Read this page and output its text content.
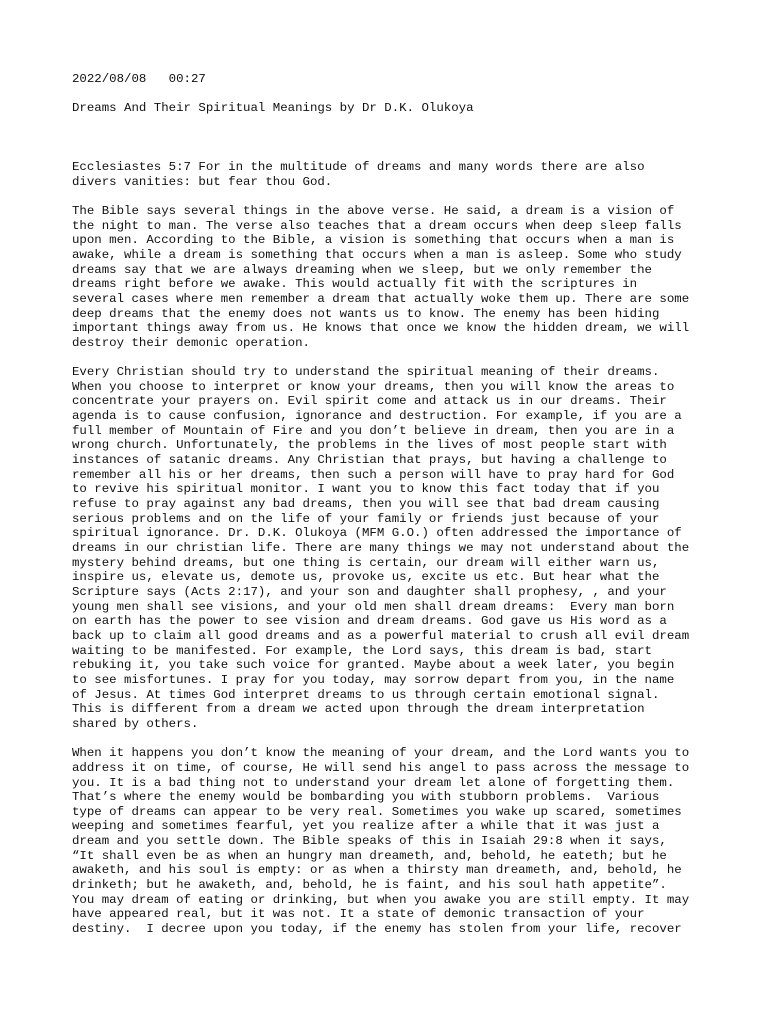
2022/08/08   00:27
Dreams And Their Spiritual Meanings by Dr D.K. Olukoya
Ecclesiastes 5:7 For in the multitude of dreams and many words there are also
divers vanities: but fear thou God.
The Bible says several things in the above verse. He said, a dream is a vision of
the night to man. The verse also teaches that a dream occurs when deep sleep falls
upon men. According to the Bible, a vision is something that occurs when a man is
awake, while a dream is something that occurs when a man is asleep. Some who study
dreams say that we are always dreaming when we sleep, but we only remember the
dreams right before we awake. This would actually fit with the scriptures in
several cases where men remember a dream that actually woke them up. There are some
deep dreams that the enemy does not wants us to know. The enemy has been hiding
important things away from us. He knows that once we know the hidden dream, we will
destroy their demonic operation.
Every Christian should try to understand the spiritual meaning of their dreams.
When you choose to interpret or know your dreams, then you will know the areas to
concentrate your prayers on. Evil spirit come and attack us in our dreams. Their
agenda is to cause confusion, ignorance and destruction. For example, if you are a
full member of Mountain of Fire and you don’t believe in dream, then you are in a
wrong church. Unfortunately, the problems in the lives of most people start with
instances of satanic dreams. Any Christian that prays, but having a challenge to
remember all his or her dreams, then such a person will have to pray hard for God
to revive his spiritual monitor. I want you to know this fact today that if you
refuse to pray against any bad dreams, then you will see that bad dream causing
serious problems and on the life of your family or friends just because of your
spiritual ignorance. Dr. D.K. Olukoya (MFM G.O.) often addressed the importance of
dreams in our christian life. There are many things we may not understand about the
mystery behind dreams, but one thing is certain, our dream will either warn us,
inspire us, elevate us, demote us, provoke us, excite us etc. But hear what the
Scripture says (Acts 2:17), and your son and daughter shall prophesy, , and your
young men shall see visions, and your old men shall dream dreams:  Every man born
on earth has the power to see vision and dream dreams. God gave us His word as a
back up to claim all good dreams and as a powerful material to crush all evil dream
waiting to be manifested. For example, the Lord says, this dream is bad, start
rebuking it, you take such voice for granted. Maybe about a week later, you begin
to see misfortunes. I pray for you today, may sorrow depart from you, in the name
of Jesus. At times God interpret dreams to us through certain emotional signal.
This is different from a dream we acted upon through the dream interpretation
shared by others.
When it happens you don’t know the meaning of your dream, and the Lord wants you to
address it on time, of course, He will send his angel to pass across the message to
you. It is a bad thing not to understand your dream let alone of forgetting them.
That’s where the enemy would be bombarding you with stubborn problems.  Various
type of dreams can appear to be very real. Sometimes you wake up scared, sometimes
weeping and sometimes fearful, yet you realize after a while that it was just a
dream and you settle down. The Bible speaks of this in Isaiah 29:8 when it says,
“It shall even be as when an hungry man dreameth, and, behold, he eateth; but he
awaketh, and his soul is empty: or as when a thirsty man dreameth, and, behold, he
drinketh; but he awaketh, and, behold, he is faint, and his soul hath appetite”.
You may dream of eating or drinking, but when you awake you are still empty. It may
have appeared real, but it was not. It a state of demonic transaction of your
destiny.  I decree upon you today, if the enemy has stolen from your life, recover
